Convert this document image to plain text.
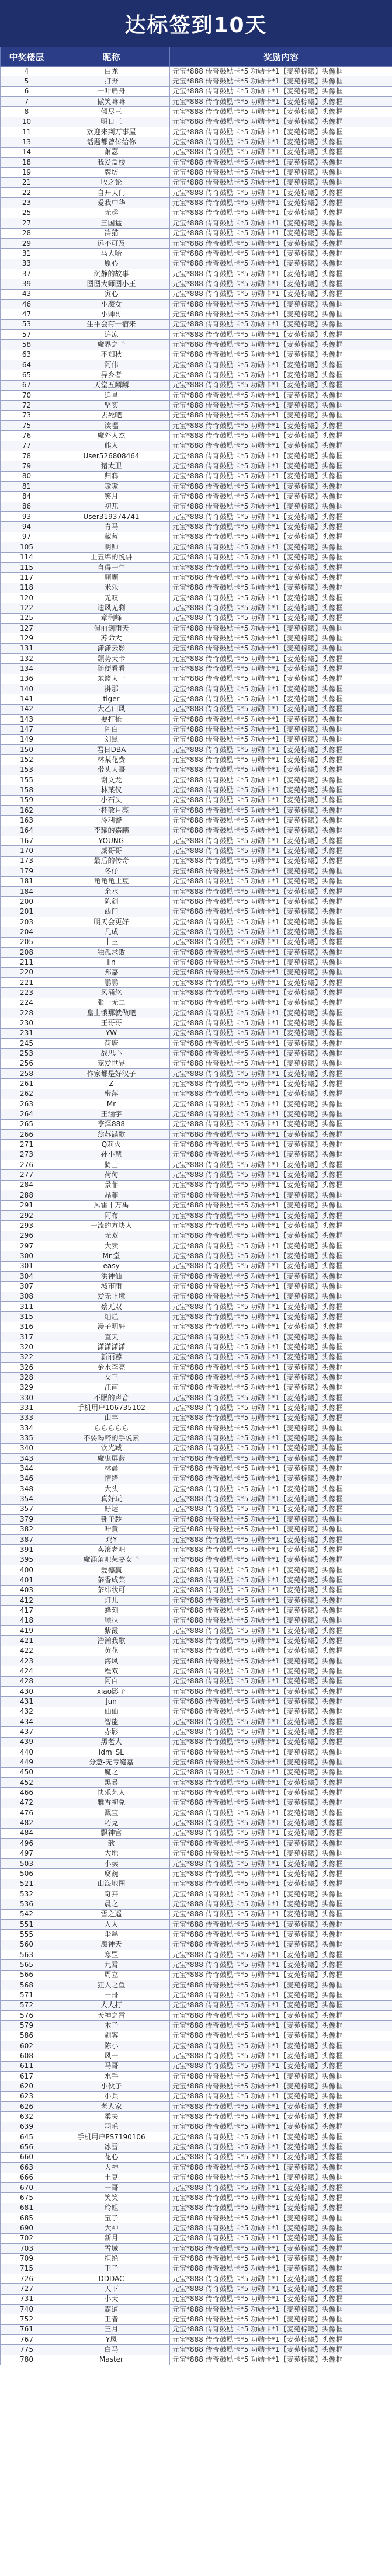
达标签到10天
中奖楼层	昵称	奖励内容
4	白龙	元宝*888 传奇鼓励卡*5 功勋卡*1【麦苑棕曦】头像框
5	打野	元宝*888 传奇鼓励卡*5 功勋卡*1【麦苑棕曦】头像框
6	一叶扁舟	元宝*888 传奇鼓励卡*5 功勋卡*1【麦苑棕曦】头像框
7	傲笑嘛嘛	元宝*888 传奇鼓励卡*5 功勋卡*1【麦苑棕曦】头像框
8	倾尽三	元宝*888 传奇鼓励卡*5 功勋卡*1【麦苑棕曦】头像框
10	明日三	元宝*888 传奇鼓励卡*5 功勋卡*1【麦苑棕曦】头像框
11	欢迎来到万事屋	元宝*888 传奇鼓励卡*5 功勋卡*1【麦苑棕曦】头像框
13	话题都曾传给你	元宝*888 传奇鼓励卡*5 功勋卡*1【麦苑棕曦】头像框
14	萧瑟	元宝*888 传奇鼓励卡*5 功勋卡*1【麦苑棕曦】头像框
18	我爱盖楼	元宝*888 传奇鼓励卡*5 功勋卡*1【麦苑棕曦】头像框
19	牌坊	元宝*888 传奇鼓励卡*5 功勋卡*1【麦苑棕曦】头像框
21	收之论	元宝*888 传奇鼓励卡*5 功勋卡*1【麦苑棕曦】头像框
22	自开天门	元宝*888 传奇鼓励卡*5 功勋卡*1【麦苑棕曦】头像框
23	爱我中华	元宝*888 传奇鼓励卡*5 功勋卡*1【麦苑棕曦】头像框
25	无趣	元宝*888 传奇鼓励卡*5 功勋卡*1【麦苑棕曦】头像框
27	三国猛	元宝*888 传奇鼓励卡*5 功勋卡*1【麦苑棕曦】头像框
28	冷猫	元宝*888 传奇鼓励卡*5 功勋卡*1【麦苑棕曦】头像框
29	远不可及	元宝*888 传奇鼓励卡*5 功勋卡*1【麦苑棕曦】头像框
31	马大哈	元宝*888 传奇鼓励卡*5 功勋卡*1【麦苑棕曦】头像框
33	原心	元宝*888 传奇鼓励卡*5 功勋卡*1【麦苑棕曦】头像框
37	沉静的故事	元宝*888 传奇鼓励卡*5 功勋卡*1【麦苑棕曦】头像框
39	图图大师图小王	元宝*888 传奇鼓励卡*5 功勋卡*1【麦苑棕曦】头像框
43	寅心	元宝*888 传奇鼓励卡*5 功勋卡*1【麦苑棕曦】头像框
46	小魔女	元宝*888 传奇鼓励卡*5 功勋卡*1【麦苑棕曦】头像框
47	小帅哥	元宝*888 传奇鼓励卡*5 功勋卡*1【麦苑棕曦】头像框
53	生平会有一宿来	元宝*888 传奇鼓励卡*5 功勋卡*1【麦苑棕曦】头像框
57	追凉	元宝*888 传奇鼓励卡*5 功勋卡*1【麦苑棕曦】头像框
58	魔界之子	元宝*888 传奇鼓励卡*5 功勋卡*1【麦苑棕曦】头像框
63	不知秋	元宝*888 传奇鼓励卡*5 功勋卡*1【麦苑棕曦】头像框
64	阿伟	元宝*888 传奇鼓励卡*5 功勋卡*1【麦苑棕曦】头像框
65	异乡者	元宝*888 传奇鼓励卡*5 功勋卡*1【麦苑棕曦】头像框
67	天堂五麟麟	元宝*888 传奇鼓励卡*5 功勋卡*1【麦苑棕曦】头像框
70	追星	元宝*888 传奇鼓励卡*5 功勋卡*1【麦苑棕曦】头像框
72	坚实	元宝*888 传奇鼓励卡*5 功勋卡*1【麦苑棕曦】头像框
73	去死吧	元宝*888 传奇鼓励卡*5 功勋卡*1【麦苑棕曦】头像框
75	诶嘿	元宝*888 传奇鼓励卡*5 功勋卡*1【麦苑棕曦】头像框
76	魔外人杰	元宝*888 传奇鼓励卡*5 功勋卡*1【麦苑棕曦】头像框
77	熊人	元宝*888 传奇鼓励卡*5 功勋卡*1【麦苑棕曦】头像框
78	User526808464	元宝*888 传奇鼓励卡*5 功勋卡*1【麦苑棕曦】头像框
79	猪太卫	元宝*888 传奇鼓励卡*5 功勋卡*1【麦苑棕曦】头像框
80	归鸦	元宝*888 传奇鼓励卡*5 功勋卡*1【麦苑棕曦】头像框
81	嗷嗷	元宝*888 传奇鼓励卡*5 功勋卡*1【麦苑棕曦】头像框
84	笑月	元宝*888 传奇鼓励卡*5 功勋卡*1【麦苑棕曦】头像框
86	初兀	元宝*888 传奇鼓励卡*5 功勋卡*1【麦苑棕曦】头像框
93	User319374741	元宝*888 传奇鼓励卡*5 功勋卡*1【麦苑棕曦】头像框
94	青马	元宝*888 传奇鼓励卡*5 功勋卡*1【麦苑棕曦】头像框
97	藏蓄	元宝*888 传奇鼓励卡*5 功勋卡*1【麦苑棕曦】头像框
105	明帅	元宝*888 传奇鼓励卡*5 功勋卡*1【麦苑棕曦】头像框
114	上五绵的悦讲	元宝*888 传奇鼓励卡*5 功勋卡*1【麦苑棕曦】头像框
115	自得一生	元宝*888 传奇鼓励卡*5 功勋卡*1【麦苑棕曦】头像框
117	颗颗	元宝*888 传奇鼓励卡*5 功勋卡*1【麦苑棕曦】头像框
118	米乐	元宝*888 传奇鼓励卡*5 功勋卡*1【麦苑棕曦】头像框
120	无叹	元宝*888 传奇鼓励卡*5 功勋卡*1【麦苑棕曦】头像框
122	迪风无剩	元宝*888 传奇鼓励卡*5 功勋卡*1【麦苑棕曦】头像框
125	章润峰	元宝*888 传奇鼓励卡*5 功勋卡*1【麦苑棕曦】头像框
127	佩丽剑雨天	元宝*888 传奇鼓励卡*5 功勋卡*1【麦苑棕曦】头像框
129	苏命大	元宝*888 传奇鼓励卡*5 功勋卡*1【麦苑棕曦】头像框
131	潇潇云影	元宝*888 传奇鼓励卡*5 功勋卡*1【麦苑棕曦】头像框
132	颓势天卡	元宝*888 传奇鼓励卡*5 功勋卡*1【麦苑棕曦】头像框
134	随便看看	元宝*888 传奇鼓励卡*5 功勋卡*1【麦苑棕曦】头像框
136	东篮大一	元宝*888 传奇鼓励卡*5 功勋卡*1【麦苑棕曦】头像框
140	拼那	元宝*888 传奇鼓励卡*5 功勋卡*1【麦苑棕曦】头像框
141	tiger	元宝*888 传奇鼓励卡*5 功勋卡*1【麦苑棕曦】头像框
142	大乙山风	元宝*888 传奇鼓励卡*5 功勋卡*1【麦苑棕曦】头像框
143	要打枪	元宝*888 传奇鼓励卡*5 功勋卡*1【麦苑棕曦】头像框
147	阿白	元宝*888 传奇鼓励卡*5 功勋卡*1【麦苑棕曦】头像框
149	刘黑	元宝*888 传奇鼓励卡*5 功勋卡*1【麦苑棕曦】头像框
150	君日DBA	元宝*888 传奇鼓励卡*5 功勋卡*1【麦苑棕曦】头像框
152	林某花费	元宝*888 传奇鼓励卡*5 功勋卡*1【麦苑棕曦】头像框
153	带头大哥	元宝*888 传奇鼓励卡*5 功勋卡*1【麦苑棕曦】头像框
155	谢文龙	元宝*888 传奇鼓励卡*5 功勋卡*1【麦苑棕曦】头像框
158	林某仪	元宝*888 传奇鼓励卡*5 功勋卡*1【麦苑棕曦】头像框
159	小石头	元宝*888 传奇鼓励卡*5 功勋卡*1【麦苑棕曦】头像框
162	一杯敬月亮	元宝*888 传奇鼓励卡*5 功勋卡*1【麦苑棕曦】头像框
163	冷利警	元宝*888 传奇鼓励卡*5 功勋卡*1【麦苑棕曦】头像框
164	李耀的嘉鹏	元宝*888 传奇鼓励卡*5 功勋卡*1【麦苑棕曦】头像框
167	YOUNG	元宝*888 传奇鼓励卡*5 功勋卡*1【麦苑棕曦】头像框
170	威哥哥	元宝*888 传奇鼓励卡*5 功勋卡*1【麦苑棕曦】头像框
173	最后的传奇	元宝*888 传奇鼓励卡*5 功勋卡*1【麦苑棕曦】头像框
179	冬仔	元宝*888 传奇鼓励卡*5 功勋卡*1【麦苑棕曦】头像框
181	龟龟龟土豆	元宝*888 传奇鼓励卡*5 功勋卡*1【麦苑棕曦】头像框
184	余水	元宝*888 传奇鼓励卡*5 功勋卡*1【麦苑棕曦】头像框
200	陈剑	元宝*888 传奇鼓励卡*5 功勋卡*1【麦苑棕曦】头像框
201	西门	元宝*888 传奇鼓励卡*5 功勋卡*1【麦苑棕曦】头像框
203	明天会更好	元宝*888 传奇鼓励卡*5 功勋卡*1【麦苑棕曦】头像框
204	几成	元宝*888 传奇鼓励卡*5 功勋卡*1【麦苑棕曦】头像框
205	十三	元宝*888 传奇鼓励卡*5 功勋卡*1【麦苑棕曦】头像框
208	独孤求败	元宝*888 传奇鼓励卡*5 功勋卡*1【麦苑棕曦】头像框
211	lin	元宝*888 传奇鼓励卡*5 功勋卡*1【麦苑棕曦】头像框
220	邦嘉	元宝*888 传奇鼓励卡*5 功勋卡*1【麦苑棕曦】头像框
221	鹏鹏	元宝*888 传奇鼓励卡*5 功勋卡*1【麦苑棕曦】头像框
223	风涌悠	元宝*888 传奇鼓励卡*5 功勋卡*1【麦苑棕曦】头像框
224	张一无二	元宝*888 传奇鼓励卡*5 功勋卡*1【麦苑棕曦】头像框
228	皇上饿那就做吧	元宝*888 传奇鼓励卡*5 功勋卡*1【麦苑棕曦】头像框
230	王哥哥	元宝*888 传奇鼓励卡*5 功勋卡*1【麦苑棕曦】头像框
231	YW	元宝*888 传奇鼓励卡*5 功勋卡*1【麦苑棕曦】头像框
245	荷塘	元宝*888 传奇鼓励卡*5 功勋卡*1【麦苑棕曦】头像框
253	战思心	元宝*888 传奇鼓励卡*5 功勋卡*1【麦苑棕曦】头像框
256	宠爱世界	元宝*888 传奇鼓励卡*5 功勋卡*1【麦苑棕曦】头像框
258	作家都是好汉子	元宝*888 传奇鼓励卡*5 功勋卡*1【麦苑棕曦】头像框
261	Z	元宝*888 传奇鼓励卡*5 功勋卡*1【麦苑棕曦】头像框
262	蜜萍	元宝*888 传奇鼓励卡*5 功勋卡*1【麦苑棕曦】头像框
263	Mr	元宝*888 传奇鼓励卡*5 功勋卡*1【麦苑棕曦】头像框
264	王涵宇	元宝*888 传奇鼓励卡*5 功勋卡*1【麦苑棕曦】头像框
265	李泽888	元宝*888 传奇鼓励卡*5 功勋卡*1【麦苑棕曦】头像框
266	翁苏满歌	元宝*888 传奇鼓励卡*5 功勋卡*1【麦苑棕曦】头像框
271	Q莉火	元宝*888 传奇鼓励卡*5 功勋卡*1【麦苑棕曦】头像框
273	孙小慧	元宝*888 传奇鼓励卡*5 功勋卡*1【麦苑棕曦】头像框
276	骑士	元宝*888 传奇鼓励卡*5 功勋卡*1【麦苑棕曦】头像框
277	荷甸	元宝*888 传奇鼓励卡*5 功勋卡*1【麦苑棕曦】头像框
284	景菲	元宝*888 传奇鼓励卡*5 功勋卡*1【麦苑棕曦】头像框
288	晶菲	元宝*888 传奇鼓励卡*5 功勋卡*1【麦苑棕曦】头像框
291	风雷丨万禹	元宝*888 传奇鼓励卡*5 功勋卡*1【麦苑棕曦】头像框
292	阿布	元宝*888 传奇鼓励卡*5 功勋卡*1【麦苑棕曦】头像框
293	一流的方块人	元宝*888 传奇鼓励卡*5 功勋卡*1【麦苑棕曦】头像框
296	无双	元宝*888 传奇鼓励卡*5 功勋卡*1【麦苑棕曦】头像框
297	大卖	元宝*888 传奇鼓励卡*5 功勋卡*1【麦苑棕曦】头像框
300	Mr.堂	元宝*888 传奇鼓励卡*5 功勋卡*1【麦苑棕曦】头像框
301	easy	元宝*888 传奇鼓励卡*5 功勋卡*1【麦苑棕曦】头像框
304	洪神仙	元宝*888 传奇鼓励卡*5 功勋卡*1【麦苑棕曦】头像框
307	城市雨	元宝*888 传奇鼓励卡*5 功勋卡*1【麦苑棕曦】头像框
308	爱无止境	元宝*888 传奇鼓励卡*5 功勋卡*1【麦苑棕曦】头像框
311	蔡无双	元宝*888 传奇鼓励卡*5 功勋卡*1【麦苑棕曦】头像框
315	灿烂	元宝*888 传奇鼓励卡*5 功勋卡*1【麦苑棕曦】头像框
316	漫子明轩	元宝*888 传奇鼓励卡*5 功勋卡*1【麦苑棕曦】头像框
317	宣天	元宝*888 传奇鼓励卡*5 功勋卡*1【麦苑棕曦】头像框
320	潇潇潇潇	元宝*888 传奇鼓励卡*5 功勋卡*1【麦苑棕曦】头像框
322	新丽蓉	元宝*888 传奇鼓励卡*5 功勋卡*1【麦苑棕曦】头像框
326	金水李亮	元宝*888 传奇鼓励卡*5 功勋卡*1【麦苑棕曦】头像框
328	女王	元宝*888 传奇鼓励卡*5 功勋卡*1【麦苑棕曦】头像框
329	江南	元宝*888 传奇鼓励卡*5 功勋卡*1【麦苑棕曦】头像框
330	不眠的声音	元宝*888 传奇鼓励卡*5 功勋卡*1【麦苑棕曦】头像框
331	手机用户106735102	元宝*888 传奇鼓励卡*5 功勋卡*1【麦苑棕曦】头像框
333	山丰	元宝*888 传奇鼓励卡*5 功勋卡*1【麦苑棕曦】头像框
334	ららららら	元宝*888 传奇鼓励卡*5 功勋卡*1【麦苑棕曦】头像框
335	不要喝醉的手说素	元宝*888 传奇鼓励卡*5 功勋卡*1【麦苑棕曦】头像框
340	饮光臧	元宝*888 传奇鼓励卡*5 功勋卡*1【麦苑棕曦】头像框
343	魔鬼屏蔽	元宝*888 传奇鼓励卡*5 功勋卡*1【麦苑棕曦】头像框
344	林晨	元宝*888 传奇鼓励卡*5 功勋卡*1【麦苑棕曦】头像框
346	情绪	元宝*888 传奇鼓励卡*5 功勋卡*1【麦苑棕曦】头像框
348	大头	元宝*888 传奇鼓励卡*5 功勋卡*1【麦苑棕曦】头像框
354	真好玩	元宝*888 传奇鼓励卡*5 功勋卡*1【麦苑棕曦】头像框
357	好运	元宝*888 传奇鼓励卡*5 功勋卡*1【麦苑棕曦】头像框
379	卦子趁	元宝*888 传奇鼓励卡*5 功勋卡*1【麦苑棕曦】头像框
382	叶黄	元宝*888 传奇鼓励卡*5 功勋卡*1【麦苑棕曦】头像框
387	鸡Y	元宝*888 传奇鼓励卡*5 功勋卡*1【麦苑棕曦】头像框
391	卖滚老吧	元宝*888 传奇鼓励卡*5 功勋卡*1【麦苑棕曦】头像框
395	魔涌角吧茉嘉女子	元宝*888 传奇鼓励卡*5 功勋卡*1【麦苑棕曦】头像框
400	爱德赢	元宝*888 传奇鼓励卡*5 功勋卡*1【麦苑棕曦】头像框
401	茶香咸菜	元宝*888 传奇鼓励卡*5 功勋卡*1【麦苑棕曦】头像框
403	茶纬状可	元宝*888 传奇鼓励卡*5 功勋卡*1【麦苑棕曦】头像框
412	灯儿	元宝*888 传奇鼓励卡*5 功勋卡*1【麦苑棕曦】头像框
417	蜂刻	元宝*888 传奇鼓励卡*5 功勋卡*1【麦苑棕曦】头像框
418	顺拉	元宝*888 传奇鼓励卡*5 功勋卡*1【麦苑棕曦】头像框
419	紫霞	元宝*888 传奇鼓励卡*5 功勋卡*1【麦苑棕曦】头像框
421	浩瀚我歌	元宝*888 传奇鼓励卡*5 功勋卡*1【麦苑棕曦】头像框
422	黄花	元宝*888 传奇鼓励卡*5 功勋卡*1【麦苑棕曦】头像框
423	海风	元宝*888 传奇鼓励卡*5 功勋卡*1【麦苑棕曦】头像框
424	程双	元宝*888 传奇鼓励卡*5 功勋卡*1【麦苑棕曦】头像框
428	阿白	元宝*888 传奇鼓励卡*5 功勋卡*1【麦苑棕曦】头像框
430	xiao影子	元宝*888 传奇鼓励卡*5 功勋卡*1【麦苑棕曦】头像框
431	Jun	元宝*888 传奇鼓励卡*5 功勋卡*1【麦苑棕曦】头像框
432	仙仙	元宝*888 传奇鼓励卡*5 功勋卡*1【麦苑棕曦】头像框
434	智能	元宝*888 传奇鼓励卡*5 功勋卡*1【麦苑棕曦】头像框
437	赤影	元宝*888 传奇鼓励卡*5 功勋卡*1【麦苑棕曦】头像框
439	黑老大	元宝*888 传奇鼓励卡*5 功勋卡*1【麦苑棕曦】头像框
440	idm_SL	元宝*888 传奇鼓励卡*5 功勋卡*1【麦苑棕曦】头像框
449	分意-无亏缝嘉	元宝*888 传奇鼓励卡*5 功勋卡*1【麦苑棕曦】头像框
450	魔之	元宝*888 传奇鼓励卡*5 功勋卡*1【麦苑棕曦】头像框
452	黑暴	元宝*888 传奇鼓励卡*5 功勋卡*1【麦苑棕曦】头像框
466	快乐艺人	元宝*888 传奇鼓励卡*5 功勋卡*1【麦苑棕曦】头像框
472	雅香初兑	元宝*888 传奇鼓励卡*5 功勋卡*1【麦苑棕曦】头像框
476	飘宝	元宝*888 传奇鼓励卡*5 功勋卡*1【麦苑棕曦】头像框
482	巧克	元宝*888 传奇鼓励卡*5 功勋卡*1【麦苑棕曦】头像框
484	飘神宫	元宝*888 传奇鼓励卡*5 功勋卡*1【麦苑棕曦】头像框
496	歆	元宝*888 传奇鼓励卡*5 功勋卡*1【麦苑棕曦】头像框
497	大地	元宝*888 传奇鼓励卡*5 功勋卡*1【麦苑棕曦】头像框
503	小卖	元宝*888 传奇鼓励卡*5 功勋卡*1【麦苑棕曦】头像框
506	腐豌	元宝*888 传奇鼓励卡*5 功勋卡*1【麦苑棕曦】头像框
521	山海地图	元宝*888 传奇鼓励卡*5 功勋卡*1【麦苑棕曦】头像框
532	奇卉	元宝*888 传奇鼓励卡*5 功勋卡*1【麦苑棕曦】头像框
536	晨之	元宝*888 传奇鼓励卡*5 功勋卡*1【麦苑棕曦】头像框
542	雪之遥	元宝*888 传奇鼓励卡*5 功勋卡*1【麦苑棕曦】头像框
551	人人	元宝*888 传奇鼓励卡*5 功勋卡*1【麦苑棕曦】头像框
555	尘墨	元宝*888 传奇鼓励卡*5 功勋卡*1【麦苑棕曦】头像框
560	魔神天	元宝*888 传奇鼓励卡*5 功勋卡*1【麦苑棕曦】头像框
563	寒罡	元宝*888 传奇鼓励卡*5 功勋卡*1【麦苑棕曦】头像框
565	九霄	元宝*888 传奇鼓励卡*5 功勋卡*1【麦苑棕曦】头像框
566	周立	元宝*888 传奇鼓励卡*5 功勋卡*1【麦苑棕曦】头像框
568	狂人之鱼	元宝*888 传奇鼓励卡*5 功勋卡*1【麦苑棕曦】头像框
571	一哥	元宝*888 传奇鼓励卡*5 功勋卡*1【麦苑棕曦】头像框
572	人人打	元宝*888 传奇鼓励卡*5 功勋卡*1【麦苑棕曦】头像框
576	天神之雷	元宝*888 传奇鼓励卡*5 功勋卡*1【麦苑棕曦】头像框
579	木子	元宝*888 传奇鼓励卡*5 功勋卡*1【麦苑棕曦】头像框
586	剑客	元宝*888 传奇鼓励卡*5 功勋卡*1【麦苑棕曦】头像框
602	陈小	元宝*888 传奇鼓励卡*5 功勋卡*1【麦苑棕曦】头像框
608	风一	元宝*888 传奇鼓励卡*5 功勋卡*1【麦苑棕曦】头像框
611	马哥	元宝*888 传奇鼓励卡*5 功勋卡*1【麦苑棕曦】头像框
617	水手	元宝*888 传奇鼓励卡*5 功勋卡*1【麦苑棕曦】头像框
620	小伙子	元宝*888 传奇鼓励卡*5 功勋卡*1【麦苑棕曦】头像框
623	小兵	元宝*888 传奇鼓励卡*5 功勋卡*1【麦苑棕曦】头像框
626	老人家	元宝*888 传奇鼓励卡*5 功勋卡*1【麦苑棕曦】头像框
632	柔夫	元宝*888 传奇鼓励卡*5 功勋卡*1【麦苑棕曦】头像框
639	羽毛	元宝*888 传奇鼓励卡*5 功勋卡*1【麦苑棕曦】头像框
645	手机用户PS7190106	元宝*888 传奇鼓励卡*5 功勋卡*1【麦苑棕曦】头像框
656	冰雪	元宝*888 传奇鼓励卡*5 功勋卡*1【麦苑棕曦】头像框
660	花心	元宝*888 传奇鼓励卡*5 功勋卡*1【麦苑棕曦】头像框
663	大神	元宝*888 传奇鼓励卡*5 功勋卡*1【麦苑棕曦】头像框
666	土豆	元宝*888 传奇鼓励卡*5 功勋卡*1【麦苑棕曦】头像框
670	一哥	元宝*888 传奇鼓励卡*5 功勋卡*1【麦苑棕曦】头像框
675	笑笑	元宝*888 传奇鼓励卡*5 功勋卡*1【麦苑棕曦】头像框
681	玲姐	元宝*888 传奇鼓励卡*5 功勋卡*1【麦苑棕曦】头像框
685	宝子	元宝*888 传奇鼓励卡*5 功勋卡*1【麦苑棕曦】头像框
690	大神	元宝*888 传奇鼓励卡*5 功勋卡*1【麦苑棕曦】头像框
702	新月	元宝*888 传奇鼓励卡*5 功勋卡*1【麦苑棕曦】头像框
703	雪域	元宝*888 传奇鼓励卡*5 功勋卡*1【麦苑棕曦】头像框
709	拒绝	元宝*888 传奇鼓励卡*5 功勋卡*1【麦苑棕曦】头像框
715	王子	元宝*888 传奇鼓励卡*5 功勋卡*1【麦苑棕曦】头像框
726	DDDAC	元宝*888 传奇鼓励卡*5 功勋卡*1【麦苑棕曦】头像框
727	天下	元宝*888 传奇鼓励卡*5 功勋卡*1【麦苑棕曦】头像框
731	小天	元宝*888 传奇鼓励卡*5 功勋卡*1【麦苑棕曦】头像框
740	霸道	元宝*888 传奇鼓励卡*5 功勋卡*1【麦苑棕曦】头像框
752	王者	元宝*888 传奇鼓励卡*5 功勋卡*1【麦苑棕曦】头像框
761	三月	元宝*888 传奇鼓励卡*5 功勋卡*1【麦苑棕曦】头像框
767	Y凤	元宝*888 传奇鼓励卡*5 功勋卡*1【麦苑棕曦】头像框
775	白马	元宝*888 传奇鼓励卡*5 功勋卡*1【麦苑棕曦】头像框
780	Master	元宝*888 传奇鼓励卡*5 功勋卡*1【麦苑棕曦】头像框
